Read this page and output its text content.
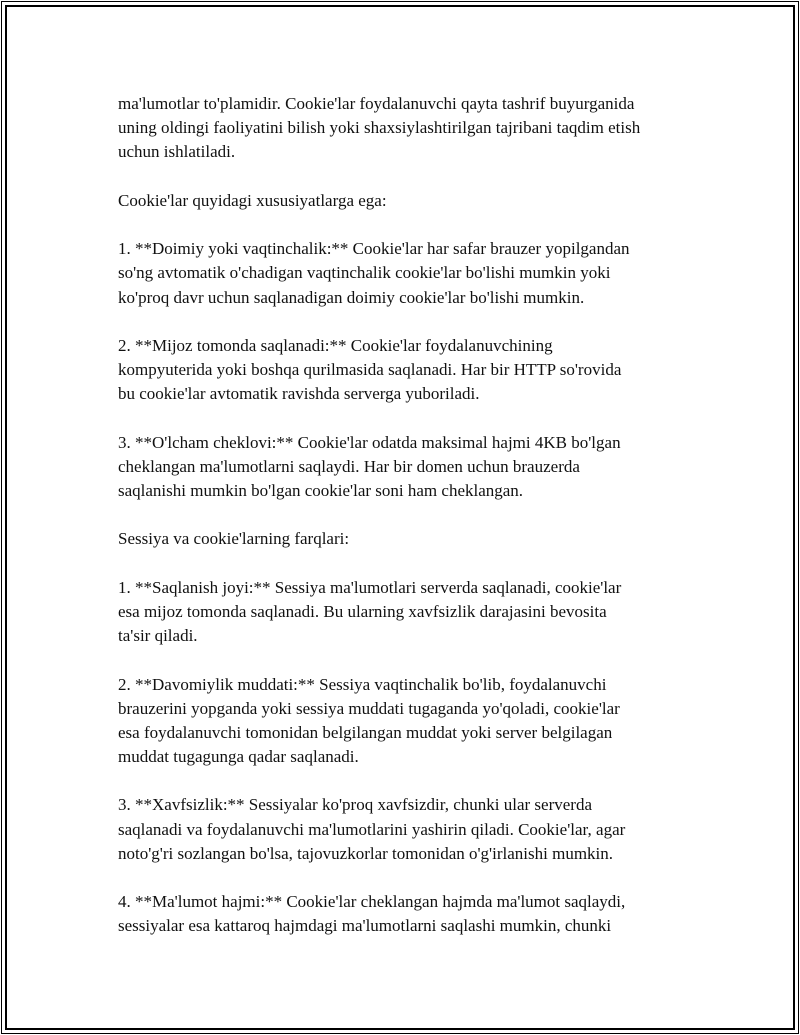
ma'lumotlar to'plamidir. Cookie'lar foydalanuvchi qayta tashrif buyurganida
uning oldingi faoliyatini bilish yoki shaxsiylashtirilgan tajribani taqdim etish
uchun ishlatiladi.
Cookie'lar quyidagi xususiyatlarga ega:
1. **Doimiy yoki vaqtinchalik:** Cookie'lar har safar brauzer yopilgandan
so'ng avtomatik o'chadigan vaqtinchalik cookie'lar bo'lishi mumkin yoki
ko'proq davr uchun saqlanadigan doimiy cookie'lar bo'lishi mumkin.
2. **Mijoz tomonda saqlanadi:** Cookie'lar foydalanuvchining
kompyuterida yoki boshqa qurilmasida saqlanadi. Har bir HTTP so'rovida
bu cookie'lar avtomatik ravishda serverga yuboriladi.
3. **O'lcham cheklovi:** Cookie'lar odatda maksimal hajmi 4KB bo'lgan
cheklangan ma'lumotlarni saqlaydi. Har bir domen uchun brauzerda
saqlanishi mumkin bo'lgan cookie'lar soni ham cheklangan.
Sessiya va cookie'larning farqlari:
1. **Saqlanish joyi:** Sessiya ma'lumotlari serverda saqlanadi, cookie'lar
esa mijoz tomonda saqlanadi. Bu ularning xavfsizlik darajasini bevosita
ta'sir qiladi.
2. **Davomiylik muddati:** Sessiya vaqtinchalik bo'lib, foydalanuvchi
brauzerini yopganda yoki sessiya muddati tugaganda yo'qoladi, cookie'lar
esa foydalanuvchi tomonidan belgilangan muddat yoki server belgilagan
muddat tugagunga qadar saqlanadi.
3. **Xavfsizlik:** Sessiyalar ko'proq xavfsizdir, chunki ular serverda
saqlanadi va foydalanuvchi ma'lumotlarini yashirin qiladi. Cookie'lar, agar
noto'g'ri sozlangan bo'lsa, tajovuzkorlar tomonidan o'g'irlanishi mumkin.
4. **Ma'lumot hajmi:** Cookie'lar cheklangan hajmda ma'lumot saqlaydi,
sessiyalar esa kattaroq hajmdagi ma'lumotlarni saqlashi mumkin, chunki
